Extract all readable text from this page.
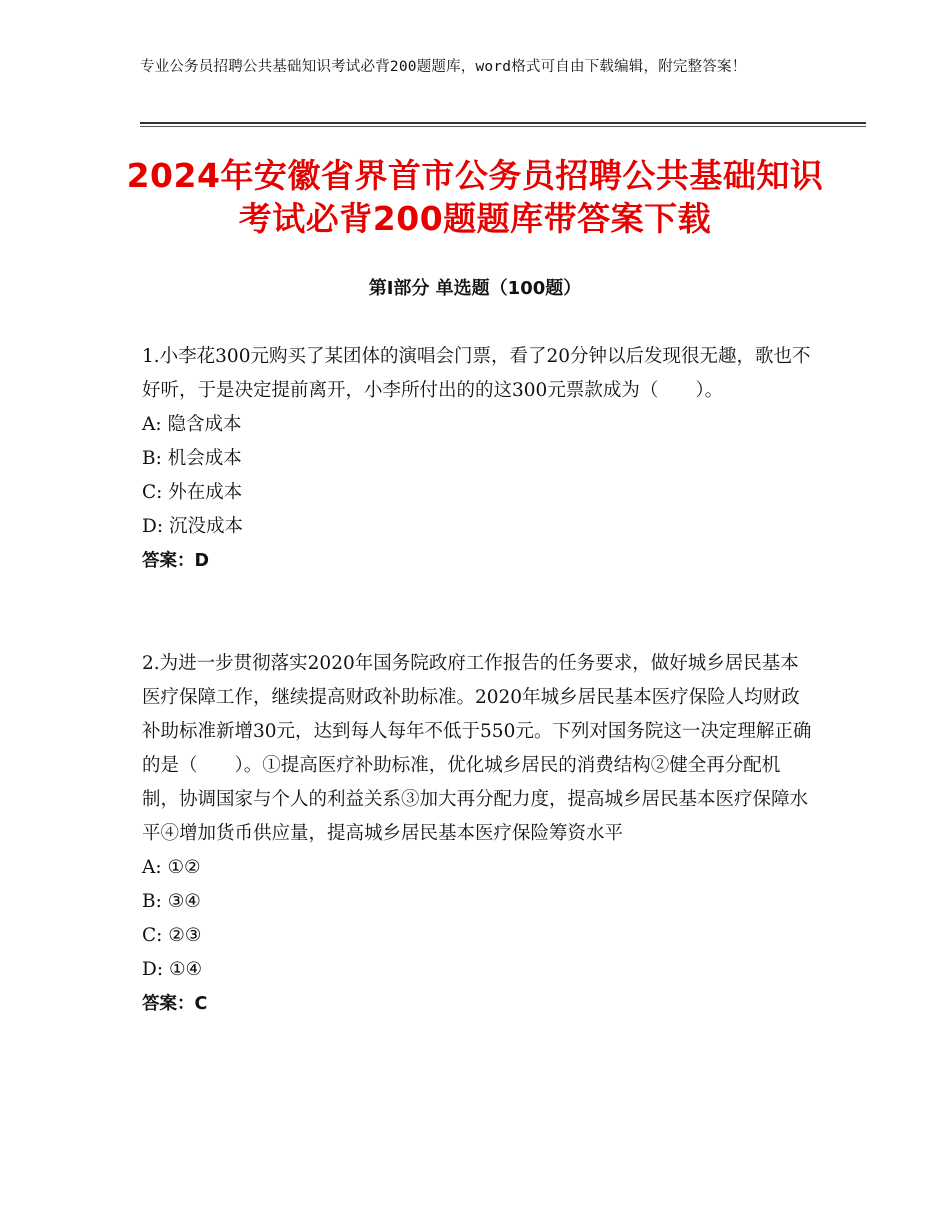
专业公务员招聘公共基础知识考试必背200题题库，word格式可自由下载编辑，附完整答案！
2024年安徽省界首市公务员招聘公共基础知识考试必背200题题库带答案下载
第Ⅰ部分 单选题（100题）

1.小李花300元购买了某团体的演唱会门票，看了20分钟以后发现很无趣，歌也不好听，于是决定提前离开，小李所付出的的这300元票款成为（　　）。

A: 隐含成本

B: 机会成本

C: 外在成本

D: 沉没成本

答案：D

2.为进一步贯彻落实2020年国务院政府工作报告的任务要求，做好城乡居民基本医疗保障工作，继续提高财政补助标准。2020年城乡居民基本医疗保险人均财政补助标准新增30元，达到每人每年不低于550元。下列对国务院这一决定理解正确的是（　　）。①提高医疗补助标准，优化城乡居民的消费结构②健全再分配机制，协调国家与个人的利益关系③加大再分配力度，提高城乡居民基本医疗保障水平④增加货币供应量，提高城乡居民基本医疗保险筹资水平

A: ①②

B: ③④

C: ②③

D: ①④

答案：C
